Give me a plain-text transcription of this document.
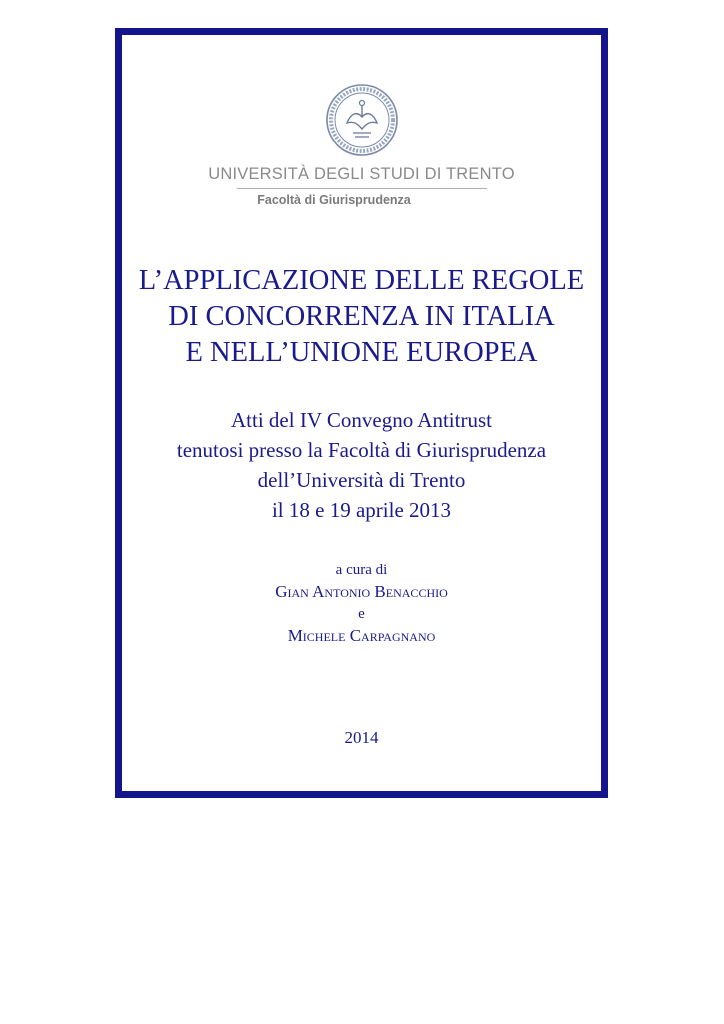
UNIVERSITÀ DEGLI STUDI DI TRENTO
Facoltà di Giurisprudenza
L’APPLICAZIONE DELLE REGOLE
DI CONCORRENZA IN ITALIA
E NELL’UNIONE EUROPEA
Atti del IV Convegno Antitrust
tenutosi presso la Facoltà di Giurisprudenza
dell’Università di Trento
il 18 e 19 aprile 2013
a cura di
Gian Antonio Benacchio
e
Michele Carpagnano
2014
